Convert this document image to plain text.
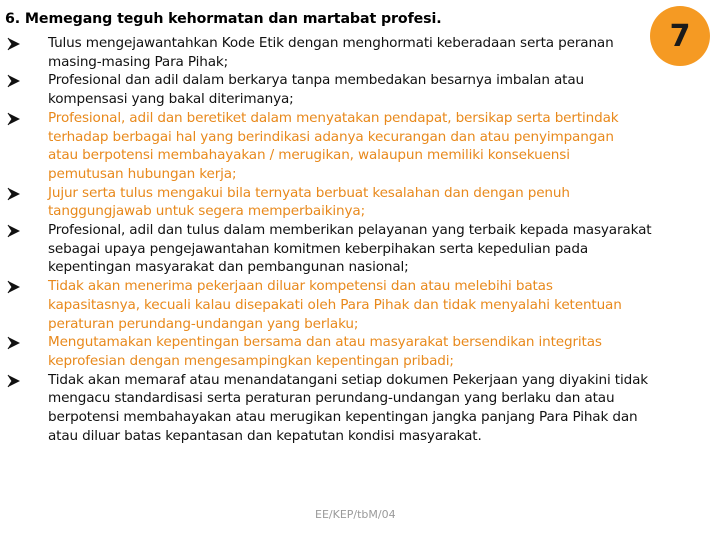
6. Memegang teguh kehormatan dan martabat profesi.
Tulus mengejawantahkan Kode Etik dengan menghormati keberadaan serta peranan
masing-masing Para Pihak;
Profesional dan adil dalam berkarya tanpa membedakan besarnya imbalan atau
kompensasi yang bakal diterimanya;
Profesional, adil dan beretiket dalam menyatakan pendapat, bersikap serta bertindak
terhadap berbagai hal yang berindikasi adanya kecurangan dan atau penyimpangan
atau berpotensi membahayakan / merugikan, walaupun memiliki konsekuensi
pemutusan hubungan kerja;
Jujur serta tulus mengakui bila ternyata berbuat kesalahan dan dengan penuh
tanggungjawab untuk segera memperbaikinya;
Profesional, adil dan tulus dalam memberikan pelayanan yang terbaik kepada masyarakat
sebagai upaya pengejawantahan komitmen keberpihakan serta kepedulian pada
kepentingan masyarakat dan pembangunan nasional;
Tidak akan menerima pekerjaan diluar kompetensi dan atau melebihi batas
kapasitasnya, kecuali kalau disepakati oleh Para Pihak dan tidak menyalahi ketentuan
peraturan perundang-undangan yang berlaku;
Mengutamakan kepentingan bersama dan atau masyarakat bersendikan integritas
keprofesian dengan mengesampingkan kepentingan pribadi;
Tidak akan memaraf atau menandatangani setiap dokumen Pekerjaan yang diyakini tidak
mengacu standardisasi serta peraturan perundang-undangan yang berlaku dan atau
berpotensi membahayakan atau merugikan kepentingan jangka panjang Para Pihak dan
atau diluar batas kepantasan dan kepatutan kondisi masyarakat.
7
EE/KEP/tbM/04
